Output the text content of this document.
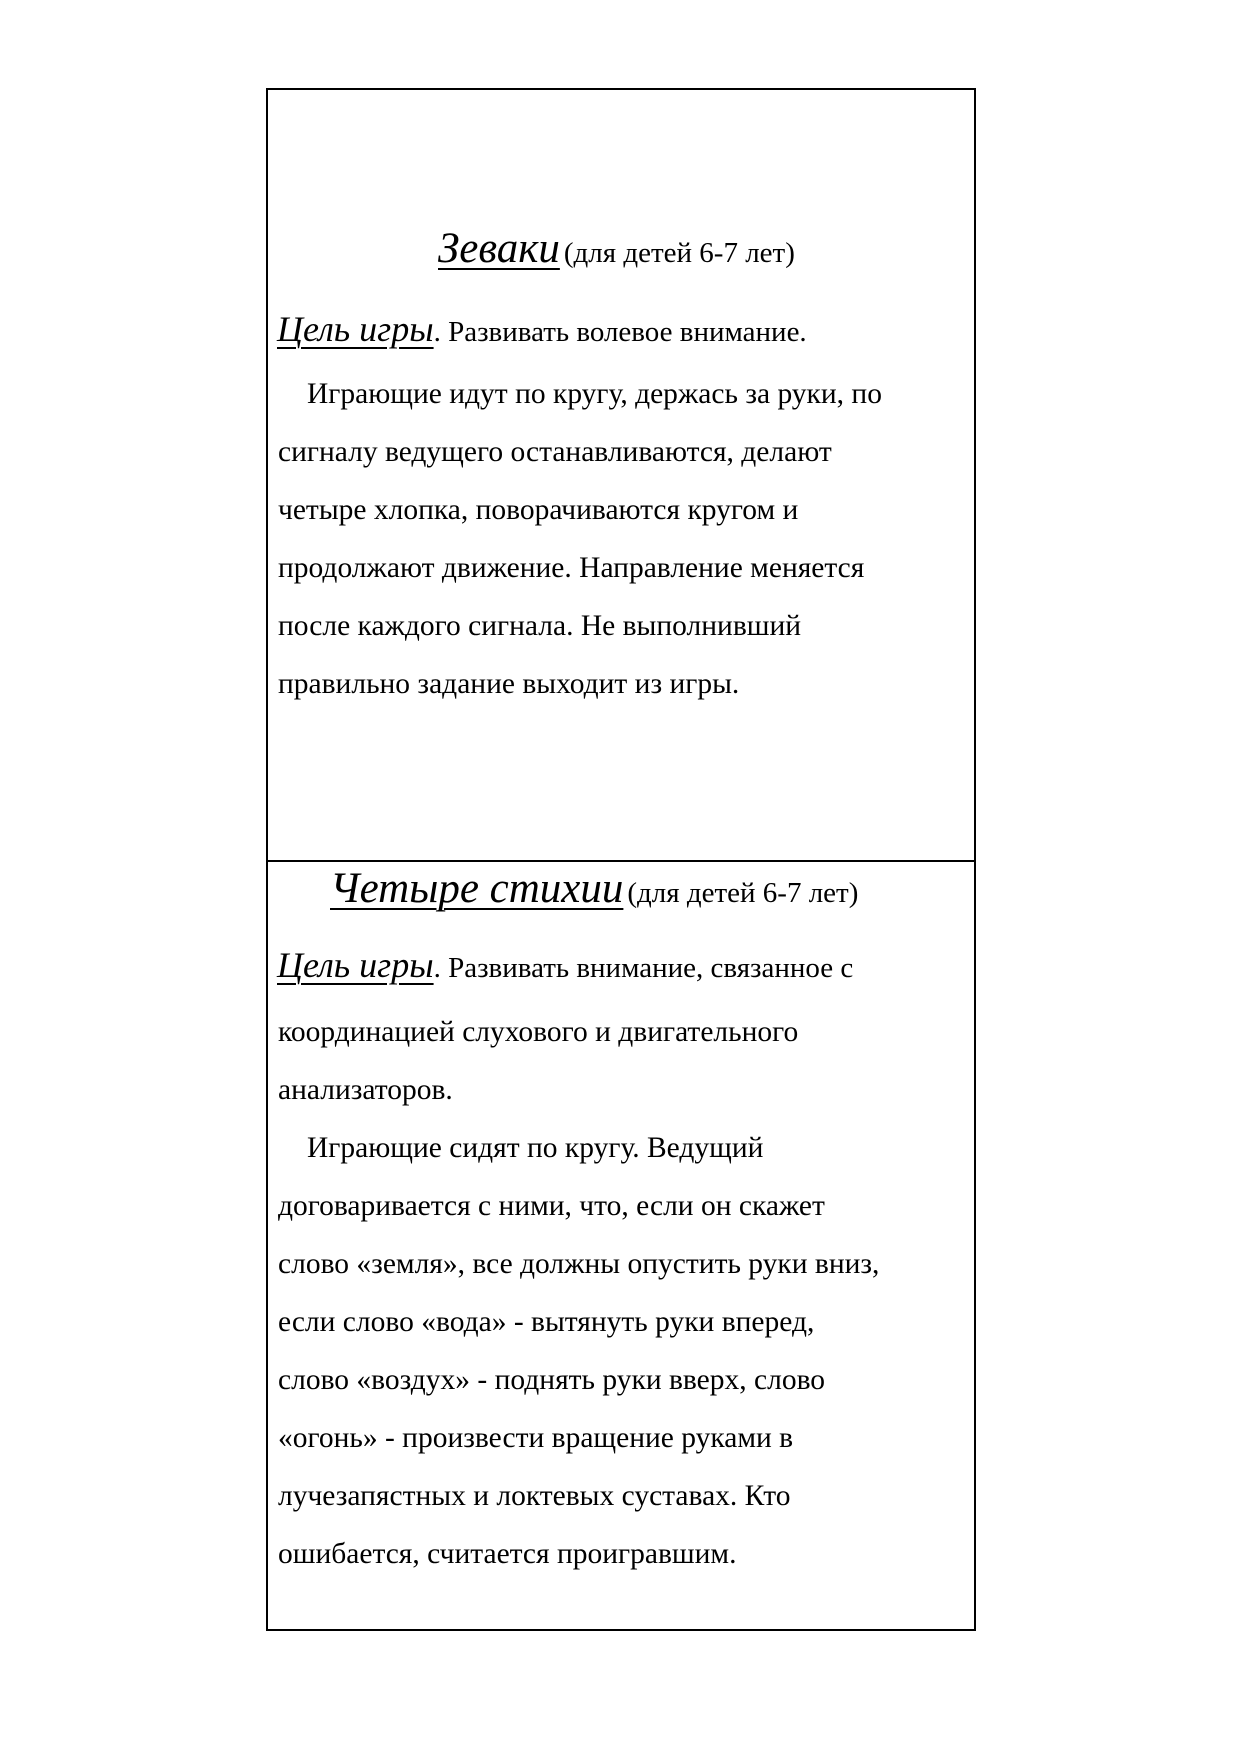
Зеваки (для детей 6-7 лет)
Цель игры. Развивать волевое внимание.
Играющие идут по кругу, держась за руки, по
сигналу ведущего останавливаются, делают
четыре хлопка, поворачиваются кругом и
продолжают движение. Направление меняется
после каждого сигнала. Не выполнивший
правильно задание выходит из игры.
Четыре стихии (для детей 6-7 лет)
Цель игры. Развивать внимание, связанное с
координацией слухового и двигательного
анализаторов.
Играющие сидят по кругу. Ведущий
договаривается с ними, что, если он скажет
слово «земля», все должны опустить руки вниз,
если слово «вода» - вытянуть руки вперед,
слово «воздух» - поднять руки вверх, слово
«огонь» - произвести вращение руками в
лучезапястных и локтевых суставах. Кто
ошибается, считается проигравшим.
